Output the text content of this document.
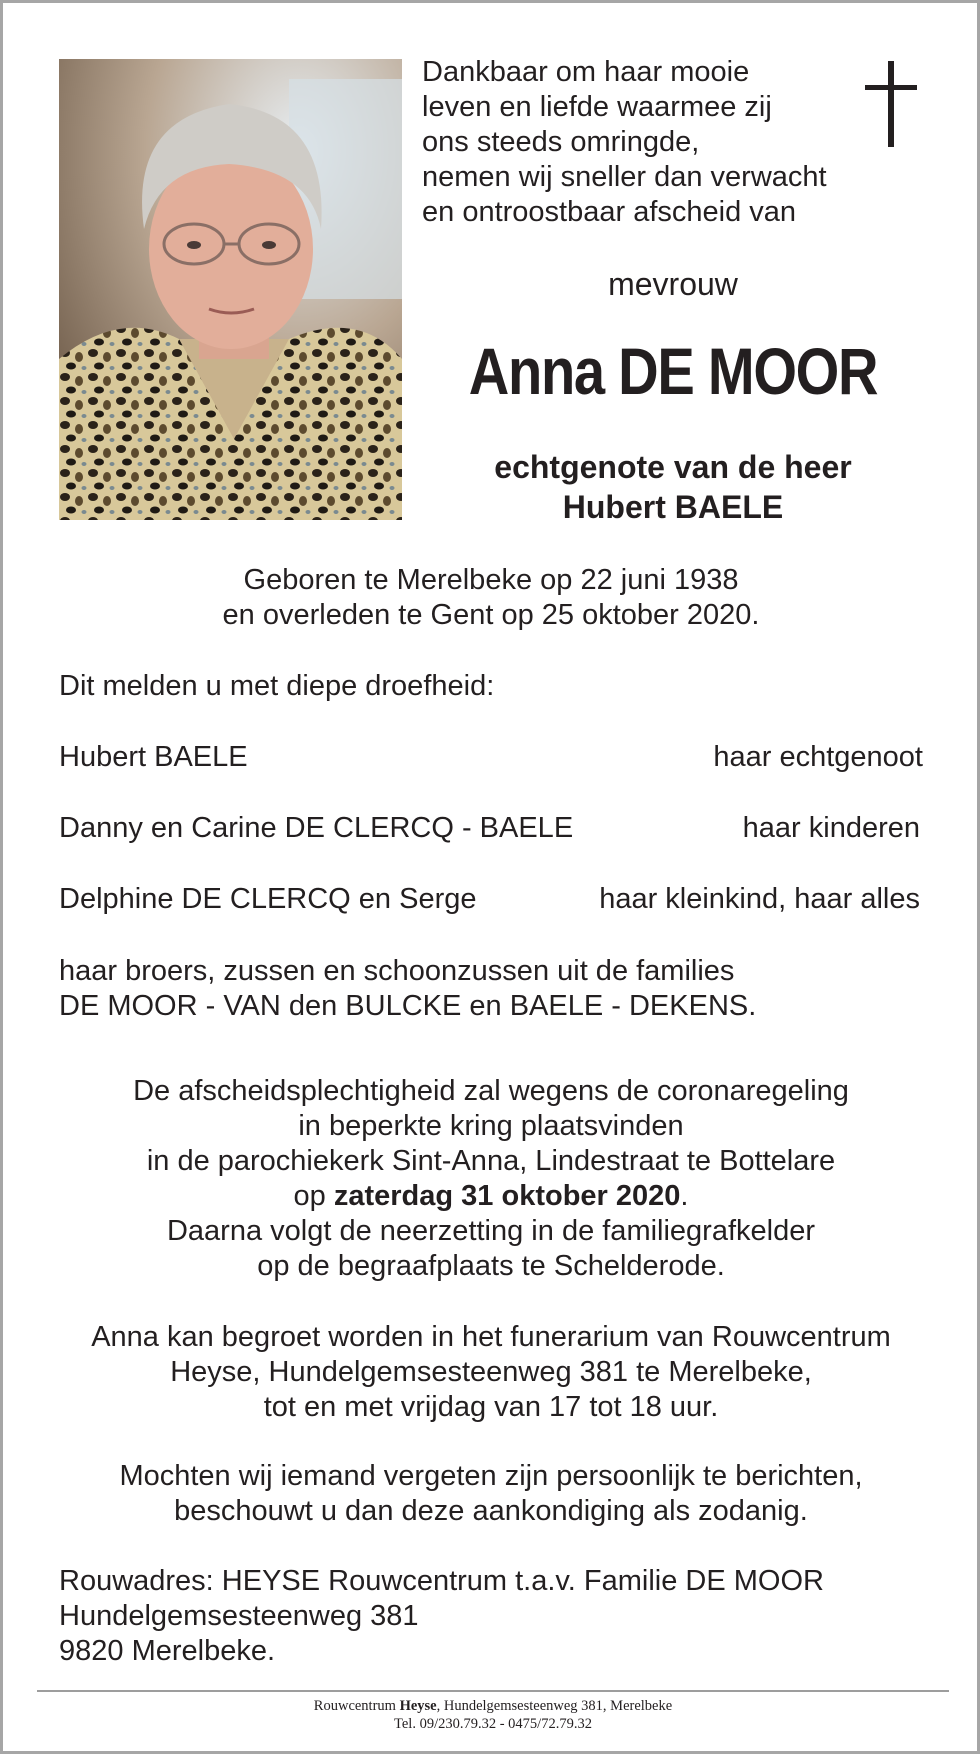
Dankbaar om haar mooie
leven en liefde waarmee zij
ons steeds omringde,
nemen wij sneller dan verwacht
en ontroostbaar afscheid van
mevrouw
Anna DE MOOR
echtgenote van de heer
Hubert BAELE
Geboren te Merelbeke op 22 juni 1938
en overleden te Gent op 25 oktober 2020.
Dit melden u met diepe droefheid:
Hubert BAELE	haar echtgenoot
Danny en Carine DE CLERCQ - BAELE	haar kinderen
Delphine DE CLERCQ en Serge	haar kleinkind, haar alles
haar broers, zussen en schoonzussen uit de families
DE MOOR - VAN den BULCKE en BAELE - DEKENS.
De afscheidsplechtigheid zal wegens de coronaregeling
in beperkte kring plaatsvinden
in de parochiekerk Sint-Anna, Lindestraat te Bottelare
op zaterdag 31 oktober 2020.
Daarna volgt de neerzetting in de familiegrafkelder
op de begraafplaats te Schelderode.
Anna kan begroet worden in het funerarium van Rouwcentrum
Heyse, Hundelgemsesteenweg 381 te Merelbeke,
tot en met vrijdag van 17 tot 18 uur.
Mochten wij iemand vergeten zijn persoonlijk te berichten,
beschouwt u dan deze aankondiging als zodanig.
Rouwadres: HEYSE Rouwcentrum t.a.v. Familie DE MOOR
Hundelgemsesteenweg 381
9820 Merelbeke.
Rouwcentrum Heyse, Hundelgemsesteenweg 381, Merelbeke
Tel. 09/230.79.32 - 0475/72.79.32
